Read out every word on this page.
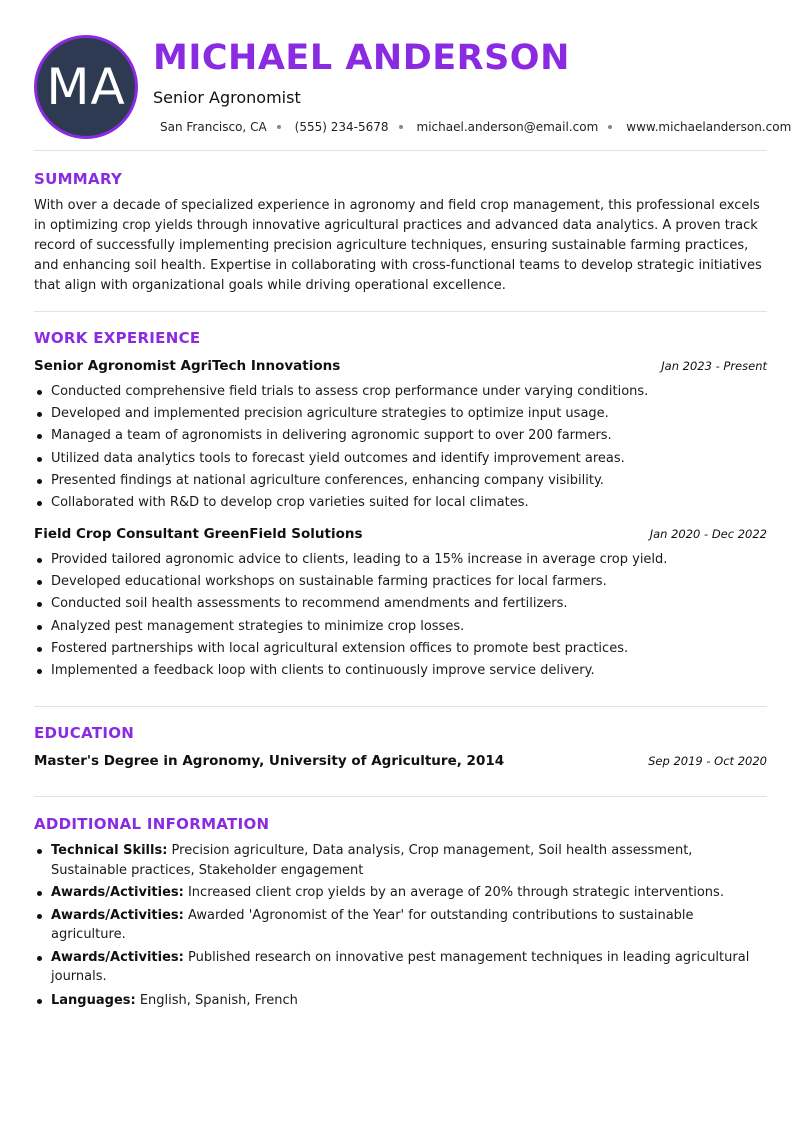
MA MICHAEL ANDERSON
Senior Agronomist
San Francisco, CA (555) 234-5678 michael.anderson@email.com www.michaelanderson.com
SUMMARY

With over a decade of specialized experience in agronomy and field crop management, this professional excels in optimizing crop yields through innovative agricultural practices and advanced data analytics. A proven track record of successfully implementing precision agriculture techniques, ensuring sustainable farming practices, and enhancing soil health. Expertise in collaborating with cross-functional teams to develop strategic initiatives that align with organizational goals while driving operational excellence.

WORK EXPERIENCE
Senior Agronomist AgriTech Innovations	Jan 2023 - Present
Conducted comprehensive field trials to assess crop performance under varying conditions.
Developed and implemented precision agriculture strategies to optimize input usage.
Managed a team of agronomists in delivering agronomic support to over 200 farmers.
Utilized data analytics tools to forecast yield outcomes and identify improvement areas.
Presented findings at national agriculture conferences, enhancing company visibility.
Collaborated with R&D to develop crop varieties suited for local climates.
Field Crop Consultant GreenField Solutions	Jan 2020 - Dec 2022
Provided tailored agronomic advice to clients, leading to a 15% increase in average crop yield.
Developed educational workshops on sustainable farming practices for local farmers.
Conducted soil health assessments to recommend amendments and fertilizers.
Analyzed pest management strategies to minimize crop losses.
Fostered partnerships with local agricultural extension offices to promote best practices.
Implemented a feedback loop with clients to continuously improve service delivery.
EDUCATION
Master's Degree in Agronomy, University of Agriculture, 2014	Sep 2019 - Oct 2020
ADDITIONAL INFORMATION
Technical Skills: Precision agriculture, Data analysis, Crop management, Soil health assessment, Sustainable practices, Stakeholder engagement
Awards/Activities: Increased client crop yields by an average of 20% through strategic interventions.
Awards/Activities: Awarded 'Agronomist of the Year' for outstanding contributions to sustainable agriculture.
Awards/Activities: Published research on innovative pest management techniques in leading agricultural journals.
Languages: English, Spanish, French
